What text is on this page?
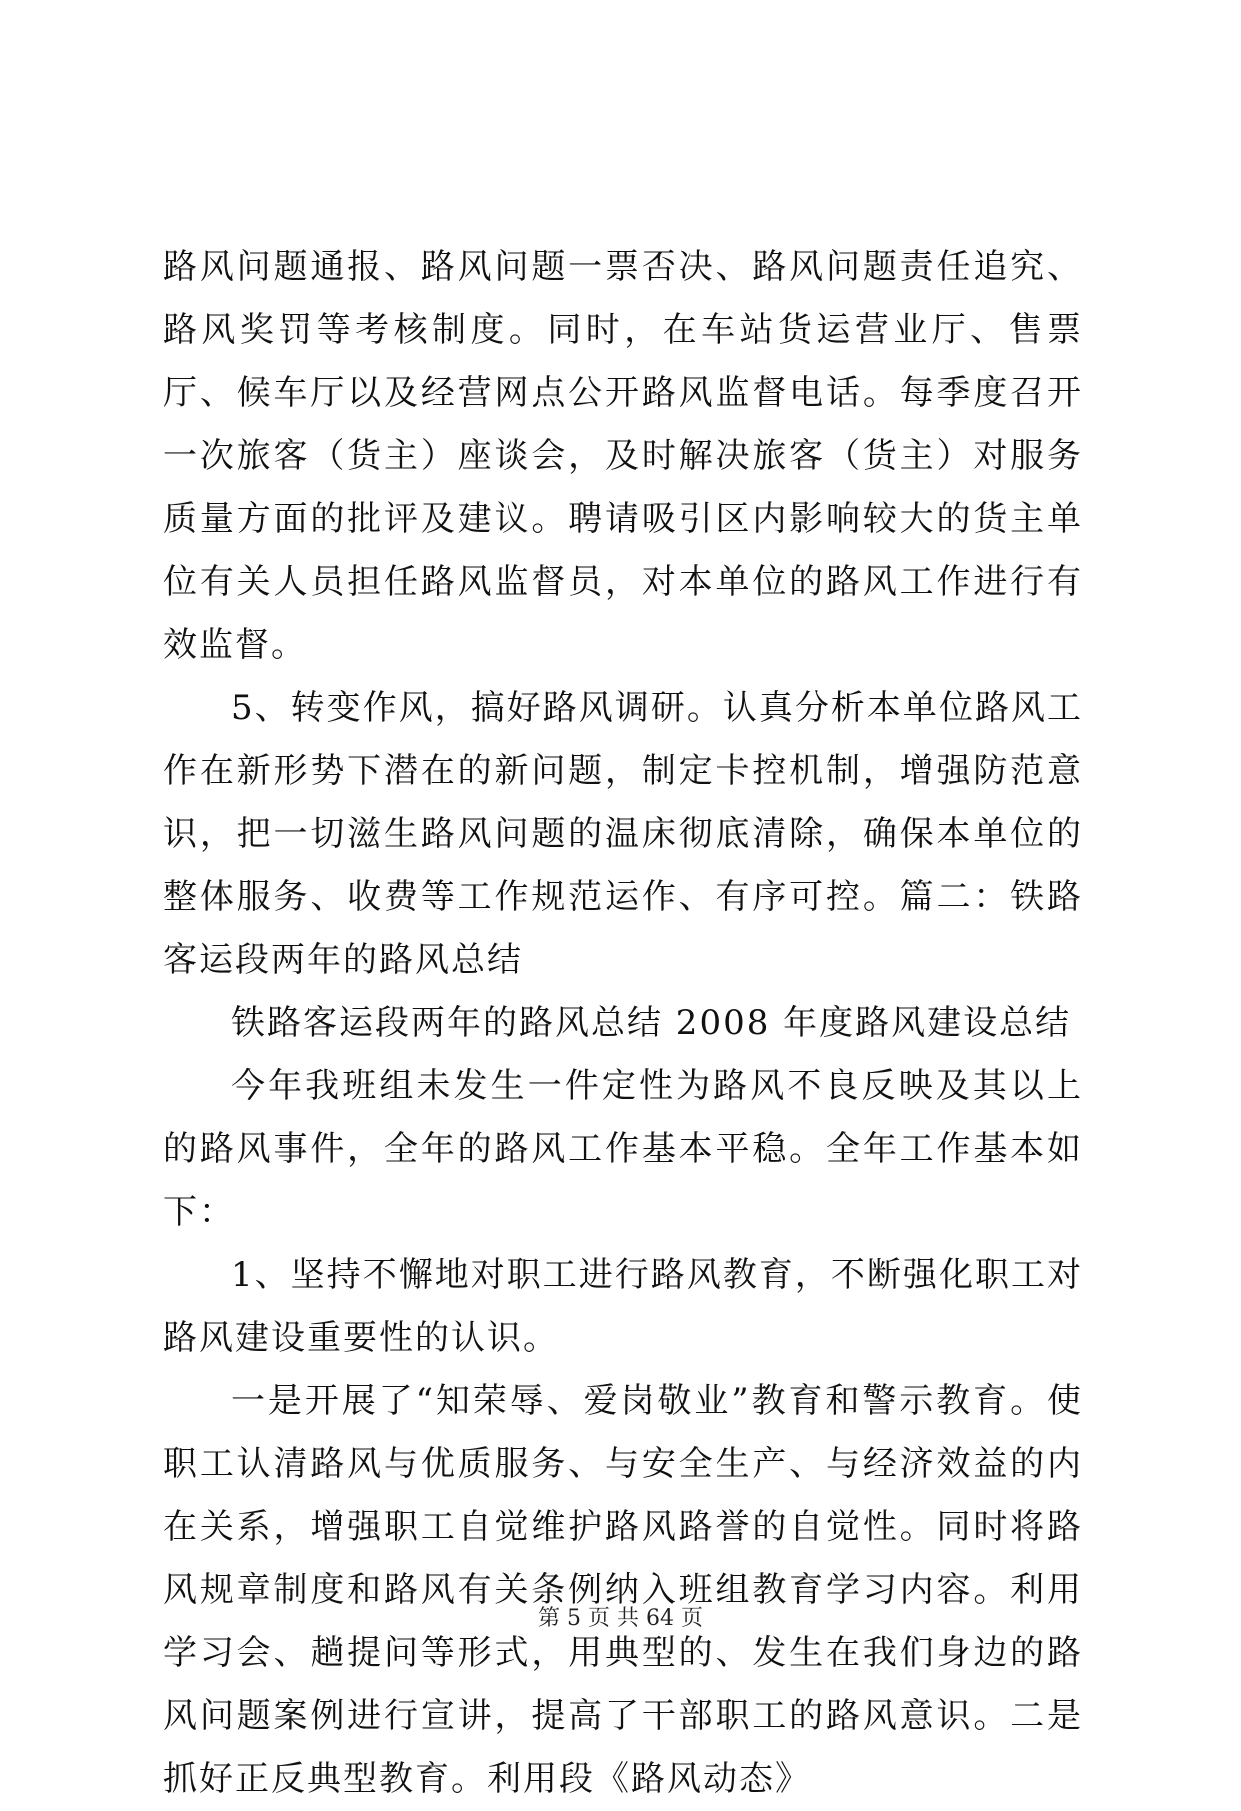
路风问题通报、路风问题一票否决、路风问题责任追究、路风奖罚等考核制度。同时，在车站货运营业厅、售票厅、候车厅以及经营网点公开路风监督电话。每季度召开一次旅客（货主）座谈会，及时解决旅客（货主）对服务质量方面的批评及建议。聘请吸引区内影响较大的货主单位有关人员担任路风监督员，对本单位的路风工作进行有效监督。

5、转变作风，搞好路风调研。认真分析本单位路风工作在新形势下潜在的新问题，制定卡控机制，增强防范意识，把一切滋生路风问题的温床彻底清除，确保本单位的整体服务、收费等工作规范运作、有序可控。篇二：铁路客运段两年的路风总结

铁路客运段两年的路风总结 2008 年度路风建设总结

今年我班组未发生一件定性为路风不良反映及其以上的路风事件，全年的路风工作基本平稳。全年工作基本如下：

1、坚持不懈地对职工进行路风教育，不断强化职工对路风建设重要性的认识。

一是开展了“知荣辱、爱岗敬业”教育和警示教育。使职工认清路风与优质服务、与安全生产、与经济效益的内在关系，增强职工自觉维护路风路誉的自觉性。同时将路风规章制度和路风有关条例纳入班组教育学习内容。利用学习会、趟提问等形式，用典型的、发生在我们身边的路风问题案例进行宣讲，提高了干部职工的路风意识。二是抓好正反典型教育。利用段《路风动态》

第 5 页 共 64 页
